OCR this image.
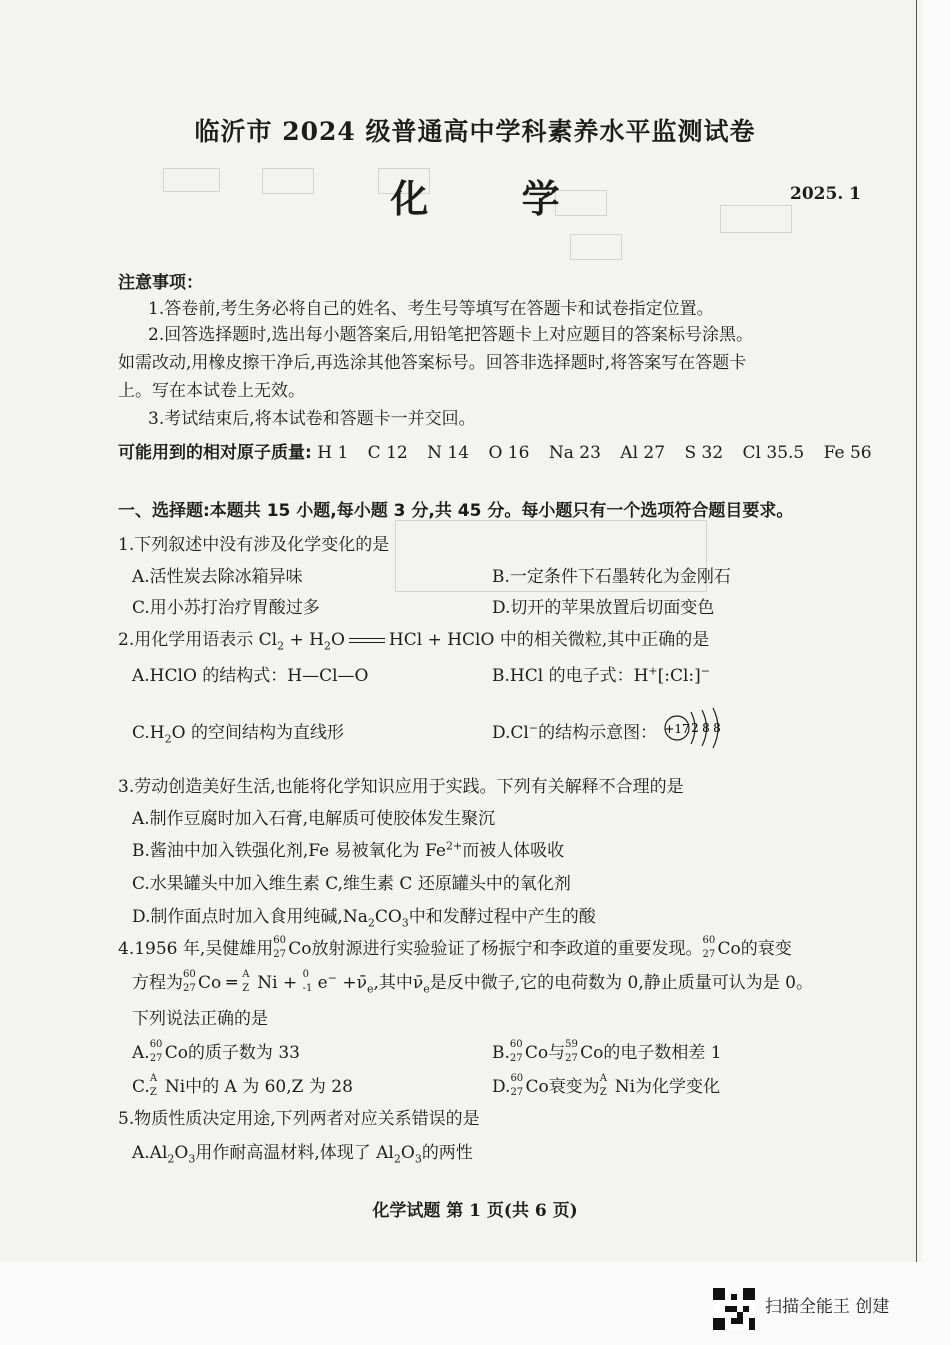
临沂市 2024 级普通高中学科素养水平监测试卷
化 学	2025. 1
注意事项：
1.答卷前,考生务必将自己的姓名、考生号等填写在答题卡和试卷指定位置。
2.回答选择题时,选出每小题答案后,用铅笔把答题卡上对应题目的答案标号涂黑。
如需改动,用橡皮擦干净后,再选涂其他答案标号。回答非选择题时,将答案写在答题卡
上。写在本试卷上无效。
3.考试结束后,将本试卷和答题卡一并交回。
可能用到的相对原子质量: H 1 C 12 N 14 O 16 Na 23 Al 27 S 32 Cl 35.5 Fe 56
一、选择题:本题共 15 小题,每小题 3 分,共 45 分。每小题只有一个选项符合题目要求。
1.下列叙述中没有涉及化学变化的是
A.活性炭去除冰箱异味	B.一定条件下石墨转化为金刚石
C.用小苏打治疗胃酸过多	D.切开的苹果放置后切面变色
2.用化学用语表示 $Cl_2 + H_2O$	HCl + HClO 中的相关微粒,其中正确的是
A.HClO 的结构式：H—Cl—O	B.HCl 的电子式：H+[:Cl:]−
$C.H_2O$ 的空间结构为直线形	D.Cl−的结构示意图： +17 2 8 8
3.劳动创造美好生活,也能将化学知识应用于实践。下列有关解释不合理的是
A.制作豆腐时加入石膏,电解质可使胶体发生聚沉
B.酱油中加入铁强化剂,Fe 易被氧化为 $Fe^{2+}$而被人体吸收
C.水果罐头中加入维生素 C,维生素 C 还原罐头中的氧化剂
D.制作面点时加入食用纯碱$,Na_2CO_3$中和发酵过程中产生的酸
4.1956 年,吴健雄用 60
27 Co放射源进行实验验证了杨振宁和李政道的重要发现。 60
27 Co的衰变
方程为 60
27 Co ═ A
Z Ni + 0
-1 $e^- +\nū_e$,其中$\nū_e$是反中微子,它的电荷数为 0,静止质量可认为是 0。
下列说法正确的是
A. 60
27 Co的质子数为 33	B. 60
27 Co与 59
27 Co的电子数相差 1
C. A
Z Ni中的 A 为 60,Z 为 28	D. 60
27 Co衰变为 A
Z Ni为化学变化
5.物质性质决定用途,下列两者对应关系错误的是
$A.Al_2O_3$用作耐高温材料,体现了 $Al_2O_3$的两性
化学试题 第 1 页(共 6 页)
扫描全能王 创建
